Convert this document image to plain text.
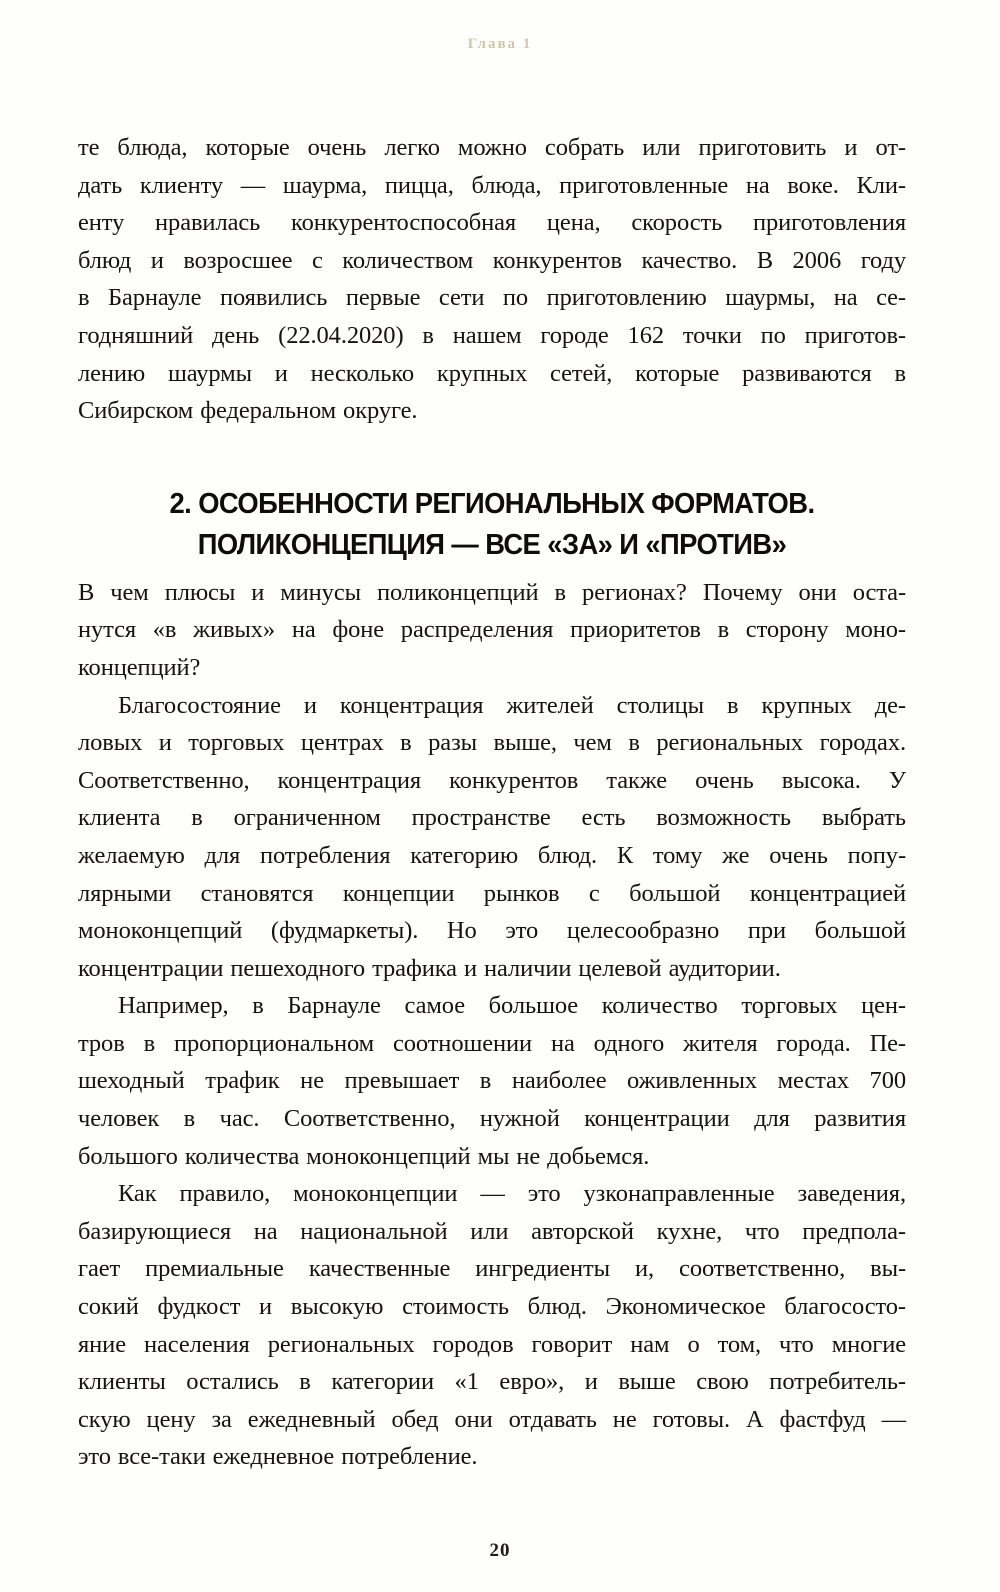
Глава 1

те блюда, которые очень легко можно собрать или приготовить и от-
дать клиенту — шаурма, пицца, блюда, приготовленные на воке. Кли-
енту нравилась конкурентоспособная цена, скорость приготовления
блюд и возросшее с количеством конкурентов качество. В 2006 году
в Барнауле появились первые сети по приготовлению шаурмы, на се-
годняшний день (22.04.2020) в нашем городе 162 точки по приготов-
лению шаурмы и несколько крупных сетей, которые развиваются в
Сибирском федеральном округе.

2. ОСОБЕННОСТИ РЕГИОНАЛЬНЫХ ФОРМАТОВ.
ПОЛИКОНЦЕПЦИЯ — ВСЕ «ЗА» И «ПРОТИВ»

В чем плюсы и минусы поликонцепций в регионах? Почему они оста-
нутся «в живых» на фоне распределения приоритетов в сторону моно-
концепций?

Благосостояние и концентрация жителей столицы в крупных де-
ловых и торговых центрах в разы выше, чем в региональных городах.
Соответственно, концентрация конкурентов также очень высока. У
клиента в ограниченном пространстве есть возможность выбрать
желаемую для потребления категорию блюд. К тому же очень попу-
лярными становятся концепции рынков с большой концентрацией
моноконцепций (фудмаркеты). Но это целесообразно при большой
концентрации пешеходного трафика и наличии целевой аудитории.

Например, в Барнауле самое большое количество торговых цен-
тров в пропорциональном соотношении на одного жителя города. Пе-
шеходный трафик не превышает в наиболее оживленных местах 700
человек в час. Соответственно, нужной концентрации для развития
большого количества моноконцепций мы не добьемся.

Как правило, моноконцепции — это узконаправленные заведения,
базирующиеся на национальной или авторской кухне, что предпола-
гает премиальные качественные ингредиенты и, соответственно, вы-
сокий фудкост и высокую стоимость блюд. Экономическое благососто-
яние населения региональных городов говорит нам о том, что многие
клиенты остались в категории «1 евро», и выше свою потребитель-
скую цену за ежедневный обед они отдавать не готовы. А фастфуд —
это все-таки ежедневное потребление.

20
